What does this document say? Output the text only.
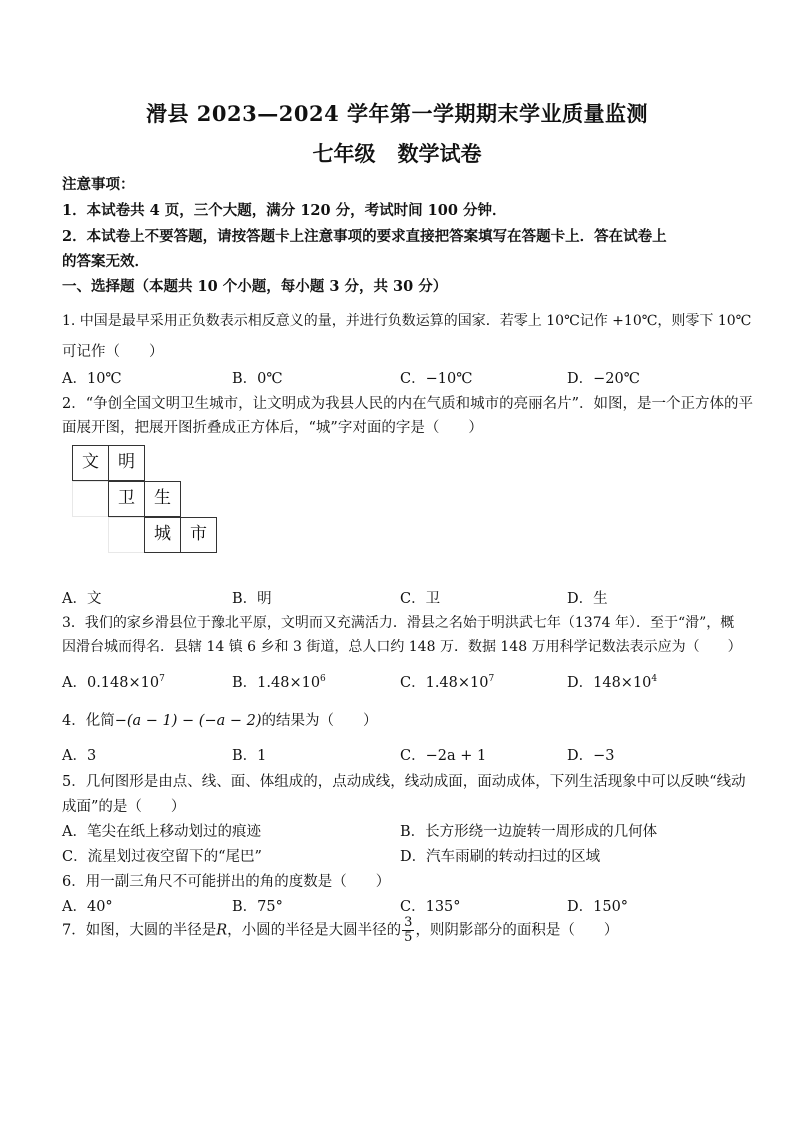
滑县 2023—2024 学年第一学期期末学业质量监测
七年级 数学试卷
注意事项：
1．本试卷共 4 页，三个大题，满分 120 分，考试时间 100 分钟．
2．本试卷上不要答题，请按答题卡上注意事项的要求直接把答案填写在答题卡上．答在试卷上
的答案无效．
一、选择题（本题共 10 个小题，每小题 3 分，共 30 分）
1. 中国是最早采用正负数表示相反意义的量，并进行负数运算的国家．若零上 10℃记作 +10℃，则零下 10℃
可记作（　　）
A．10℃	B．0℃	C．−10℃	D．−20℃
2．“争创全国文明卫生城市，让文明成为我县人民的内在气质和城市的亮丽名片”．如图，是一个正方体的平
面展开图，把展开图折叠成正方体后，“城”字对面的字是（　　）
文	明
卫	生
城	市
A．文	B．明	C．卫	D．生
3．我们的家乡滑县位于豫北平原，文明而又充满活力．滑县之名始于明洪武七年（1374 年）．至于“滑”，概
因滑台城而得名．县辖 14 镇 6 乡和 3 街道，总人口约 148 万．数据 148 万用科学记数法表示应为（　　）
A．$0.148\times 10^7$	B．$1.48\times 10^6$	C．$1.48\times 10^7$	D．$148\times 10^4$
4．化简−(a − 1) − (−a − 2)的结果为（　　）
A．3	B．1	C．−2a + 1	D．−3
5．几何图形是由点、线、面、体组成的，点动成线，线动成面，面动成体，下列生活现象中可以反映“线动
成面”的是（　　）
A．笔尖在纸上移动划过的痕迹	B．长方形绕一边旋转一周形成的几何体
C．流星划过夜空留下的“尾巴”	D．汽车雨刷的转动扫过的区域
6．用一副三角尺不可能拼出的角的度数是（　　）
A．40°	B．75°	C．135°	D．150°
7．如图，大圆的半径是R，小圆的半径是大圆半径的 $\frac{3}{5}$ ，则阴影部分的面积是（　　）
